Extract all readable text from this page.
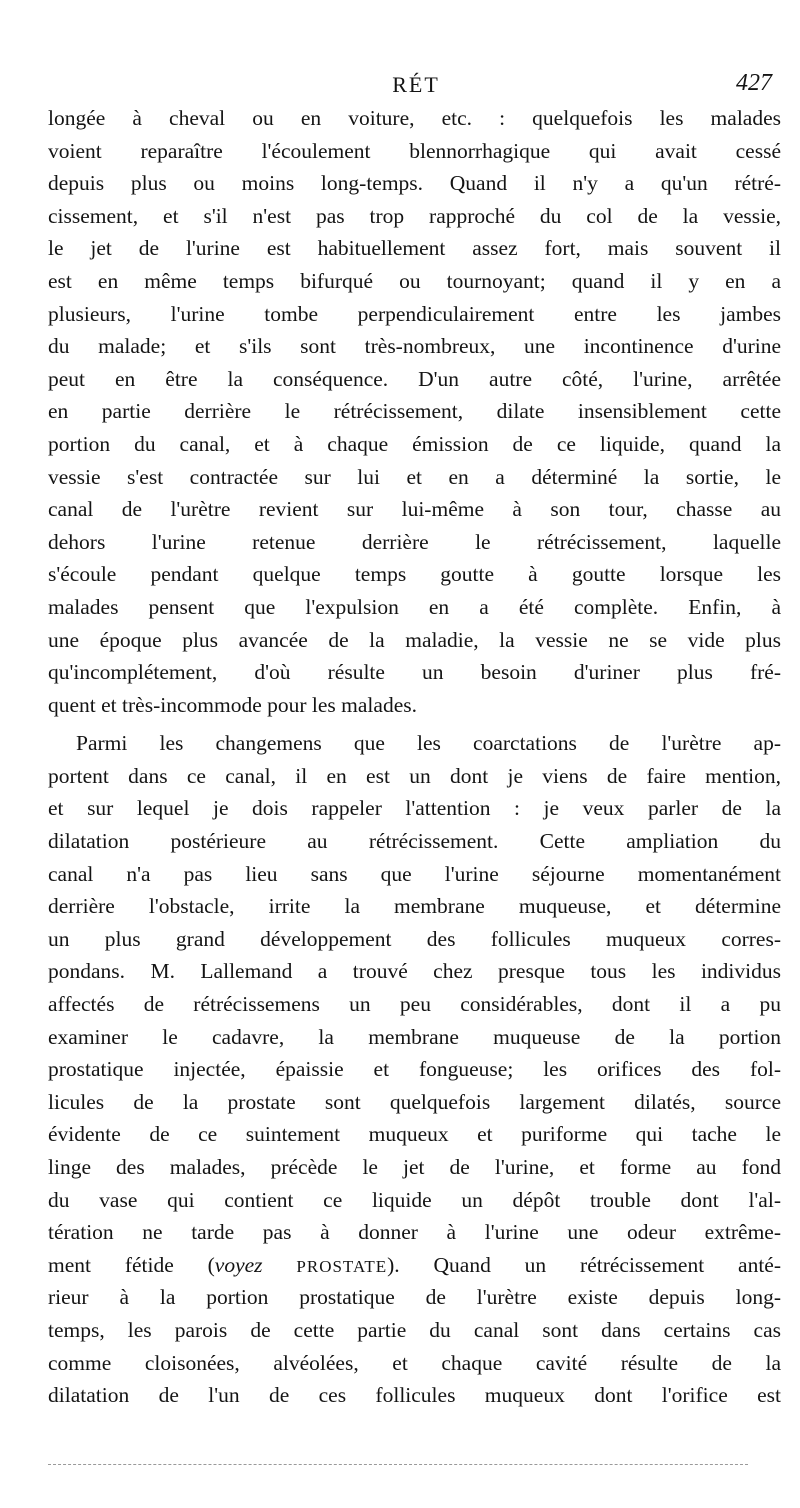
RÉT	427
longée à cheval ou en voiture, etc. : quelquefois les malades
voient reparaître l'écoulement blennorrhagique qui avait cessé
depuis plus ou moins long-temps. Quand il n'y a qu'un rétré-
cissement, et s'il n'est pas trop rapproché du col de la vessie,
le jet de l'urine est habituellement assez fort, mais souvent il
est en même temps bifurqué ou tournoyant; quand il y en a
plusieurs, l'urine tombe perpendiculairement entre les jambes
du malade; et s'ils sont très-nombreux, une incontinence d'urine
peut en être la conséquence. D'un autre côté, l'urine, arrêtée
en partie derrière le rétrécissement, dilate insensiblement cette
portion du canal, et à chaque émission de ce liquide, quand la
vessie s'est contractée sur lui et en a déterminé la sortie, le
canal de l'urètre revient sur lui-même à son tour, chasse au
dehors l'urine retenue derrière le rétrécissement, laquelle
s'écoule pendant quelque temps goutte à goutte lorsque les
malades pensent que l'expulsion en a été complète. Enfin, à
une époque plus avancée de la maladie, la vessie ne se vide plus
qu'incomplétement, d'où résulte un besoin d'uriner plus fré-
quent et très-incommode pour les malades.
Parmi les changemens que les coarctations de l'urètre ap-
portent dans ce canal, il en est un dont je viens de faire mention,
et sur lequel je dois rappeler l'attention : je veux parler de la
dilatation postérieure au rétrécissement. Cette ampliation du
canal n'a pas lieu sans que l'urine séjourne momentanément
derrière l'obstacle, irrite la membrane muqueuse, et détermine
un plus grand développement des follicules muqueux corres-
pondans. M. Lallemand a trouvé chez presque tous les individus
affectés de rétrécissemens un peu considérables, dont il a pu
examiner le cadavre, la membrane muqueuse de la portion
prostatique injectée, épaissie et fongueuse; les orifices des fol-
licules de la prostate sont quelquefois largement dilatés, source
évidente de ce suintement muqueux et puriforme qui tache le
linge des malades, précède le jet de l'urine, et forme au fond
du vase qui contient ce liquide un dépôt trouble dont l'al-
tération ne tarde pas à donner à l'urine une odeur extrême-
ment fétide (voyez PROSTATE). Quand un rétrécissement anté-
rieur à la portion prostatique de l'urètre existe depuis long-
temps, les parois de cette partie du canal sont dans certains cas
comme cloisonées, alvéolées, et chaque cavité résulte de la
dilatation de l'un de ces follicules muqueux dont l'orifice est
